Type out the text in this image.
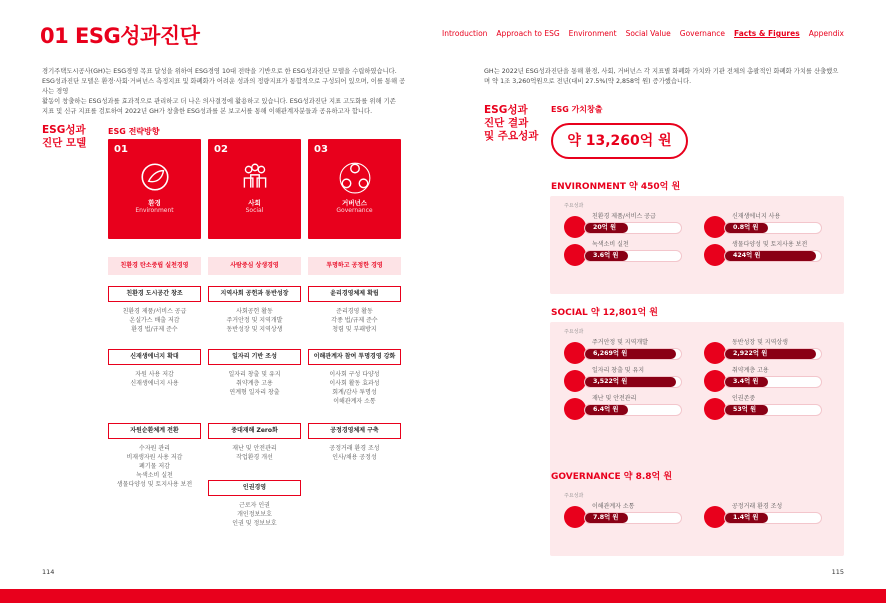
01 ESG성과진단	Introduction Approach to ESG Environment Social Value Governance Facts & Figures Appendix
경기주택도시공사(GH)는 ESG경영 목표 달성을 위하여 ESG경영 10대 전략을 기반으로 한 ESG성과진단 모델을 수립하였습니다.
ESG성과진단 모델은 환경·사회·거버넌스 측정지표 및 화폐화가 어려운 성과의 정량지표가 통합적으로 구성되어 있으며, 이를 통해 공사는 경영
활동이 창출하는 ESG성과를 효과적으로 관리하고 더 나은 의사결정에 활용하고 있습니다. ESG성과진단 지표 고도화를 위해 기존
지표 및 신규 지표를 검토하여 2022년 GH가 창출한 ESG성과를 본 보고서를 통해 이해관계자분들과 공유하고자 합니다.
ESG성과
진단 모델
ESG 전략방향
01
환경
Environment
친환경 탄소중립 실천경영
02
사회
Social
사람중심 상생경영
03
거버넌스
Governance
투명하고 공정한 경영
친환경 도시공간 창조
친환경 제품/서비스 공급
온실가스 배출 저감
환경 법/규제 준수
신재생에너지 확대
자원 사용 저감
신재생에너지 사용
자원순환체계 전환
수자원 관리
비재생자원 사용 저감
폐기물 저감
녹색소비 실천
생물다양성 및 토지사용 보전
지역사회 공헌과 동반성장
사회공헌 활동
주거안정 및 지역개발
동반성장 및 지역상생
일자리 기반 조성
일자리 창출 및 유지
취약계층 고용
연계형 일자리 창출
중대재해 Zero화
재난 및 안전관리
작업환경 개선
인권경영
근로자 인권
개인정보보호
인권 및 정보보호
윤리경영체제 확립
준리경영 활동
각종 법/규제 준수
청렴 및 부패방지
이해관계자 참여 투명경영 강화
이사회 구성 다양성
이사회 활동 효과성
회계/감사 투명성
이해관계자 소통
공정경영체제 구축
공정거래 환경 조성
인사/채용 공정성
GH는 2022년 ESG성과진단을 통해 환경, 사회, 거버넌스 각 지표별 화폐화 가치와 기관 전체의 총괄적인 화폐화 가치를 산출했으
며 약 1조 3,260억원으로 전년(대비 27.5%(약 2,858억 원) 증가했습니다.
ESG성과
진단 결과
및 주요성과
ESG 가치창출
약 13,260억 원
ENVIRONMENT 약 450억 원
주요성과
친환경 제품/서비스 공급
20억 원
신재생에너지 사용
0.8억 원
녹색소비 실천
3.6억 원
생물다양성 및 토지사용 보전
424억 원
SOCIAL 약 12,801억 원
주요성과
주거안정 및 지역개발
6,269억 원
동반성장 및 지역상생
2,922억 원
일자리 창출 및 유지
3,522억 원
취약계층 고용
3.4억 원
재난 및 안전관리
6.4억 원
인권존중
53억 원
GOVERNANCE 약 8.8억 원
주요성과
이해관계자 소통
7.8억 원
공정거래 환경 조성
1.4억 원
114	115
